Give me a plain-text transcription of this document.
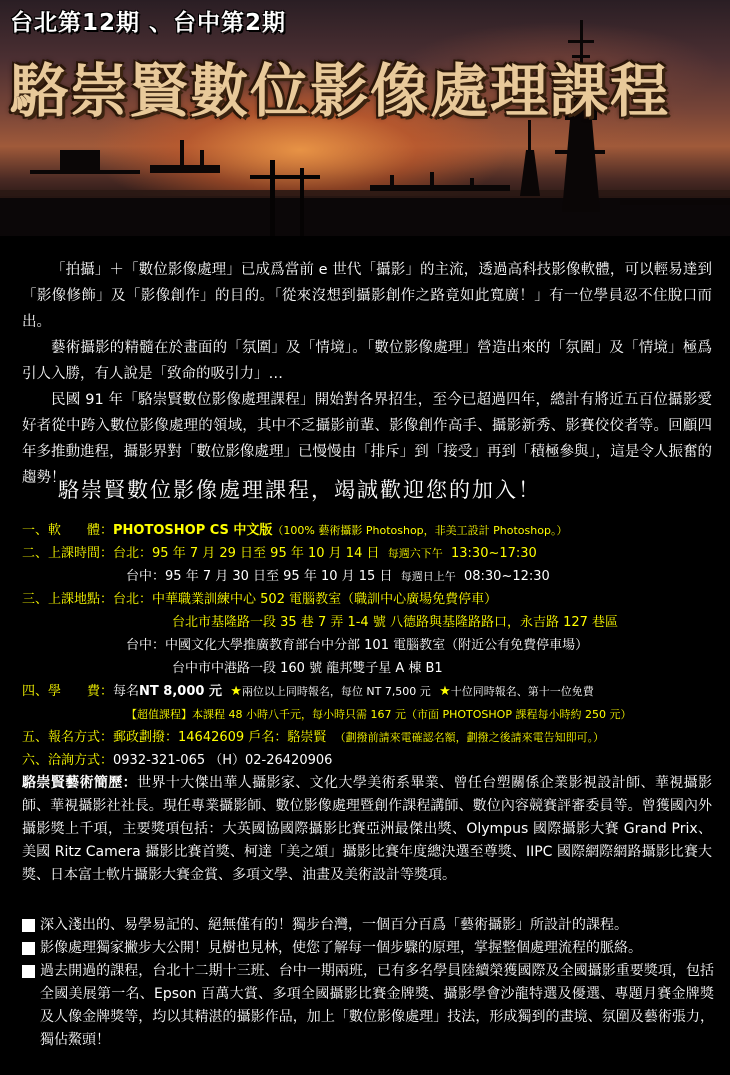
台北第12期 、台中第2期
駱崇賢數位影像處理課程

「拍攝」＋「數位影像處理」已成爲當前 e 世代「攝影」的主流，透過高科技影像軟體，可以輕易達到「影像修飾」及「影像創作」的目的。「從來沒想到攝影創作之路竟如此寬廣！」有一位學員忍不住脫口而出。

藝術攝影的精髓在於畫面的「氛圍」及「情境」。「數位影像處理」營造出來的「氛圍」及「情境」極爲引人入勝，有人說是「致命的吸引力」…

民國 91 年「駱崇賢數位影像處理課程」開始對各界招生，至今已超過四年，總計有將近五百位攝影愛好者從中跨入數位影像處理的領域，其中不乏攝影前輩、影像創作高手、攝影新秀、影賽佼佼者等。回顧四年多推動進程，攝影界對「數位影像處理」已慢慢由「排斥」到「接受」再到「積極參與」，這是令人振奮的趨勢！

駱崇賢數位影像處理課程，竭誠歡迎您的加入！
一、軟　　體：PHOTOSHOP CS 中文版（100% 藝術攝影 Photoshop，非美工設計 Photoshop。）
二、上課時間：台北：95 年 7 月 29 日至 95 年 10 月 14 日 每週六下午 13:30~17:30
台中：95 年 7 月 30 日至 95 年 10 月 15 日 每週日上午 08:30~12:30
三、上課地點：台北：中華職業訓練中心 502 電腦教室（職訓中心廣場免費停車）
台北市基隆路一段 35 巷 7 弄 1-4 號 八德路與基隆路路口，永吉路 127 巷區
台中：中國文化大學推廣教育部台中分部 101 電腦教室（附近公有免費停車場）
台中市中港路一段 160 號 龍邦雙子星 A 棟 B1
四、學　　費：每名NT 8,000 元 ★兩位以上同時報名，每位 NT 7,500 元 ★十位同時報名、第十一位免費
【超值課程】本課程 48 小時八千元，每小時只需 167 元（市面 PHOTOSHOP 課程每小時約 250 元）
五、報名方式：郵政劃撥：14642609 戶名：駱崇賢 （劃撥前請來電確認名額，劃撥之後請來電告知即可。）
六、洽詢方式：0932-321-065 （H）02-26420906
駱崇賢藝術簡歷：世界十大傑出華人攝影家、文化大學美術系畢業、曾任台塑關係企業影視設計師、華視攝影師、華視攝影社社長。現任專業攝影師、數位影像處理暨創作課程講師、數位內容競賽評審委員等。曾獲國內外攝影獎上千項，主要獎項包括：大英國協國際攝影比賽亞洲最傑出獎、Olympus 國際攝影大賽 Grand Prix、美國 Ritz Camera 攝影比賽首獎、柯達「美之頌」攝影比賽年度總決選至尊獎、IIPC 國際網際網路攝影比賽大獎、日本富士軟片攝影大賽金賞、多項文學、油畫及美術設計等獎項。
深入淺出的、易學易記的、絕無僅有的！獨步台灣，一個百分百爲「藝術攝影」所設計的課程。
影像處理獨家撇步大公開！見樹也見林，使您了解每一個步驟的原理，掌握整個處理流程的脈絡。
過去開過的課程，台北十二期十三班、台中一期兩班，已有多名學員陸續榮獲國際及全國攝影重要獎項，包括全國美展第一名、Epson 百萬大賞、多項全國攝影比賽金牌獎、攝影學會沙龍特選及優選、專題月賽金牌獎及人像金牌獎等，均以其精湛的攝影作品，加上「數位影像處理」技法，形成獨到的畫境、氛圍及藝術張力，獨佔鰲頭！
